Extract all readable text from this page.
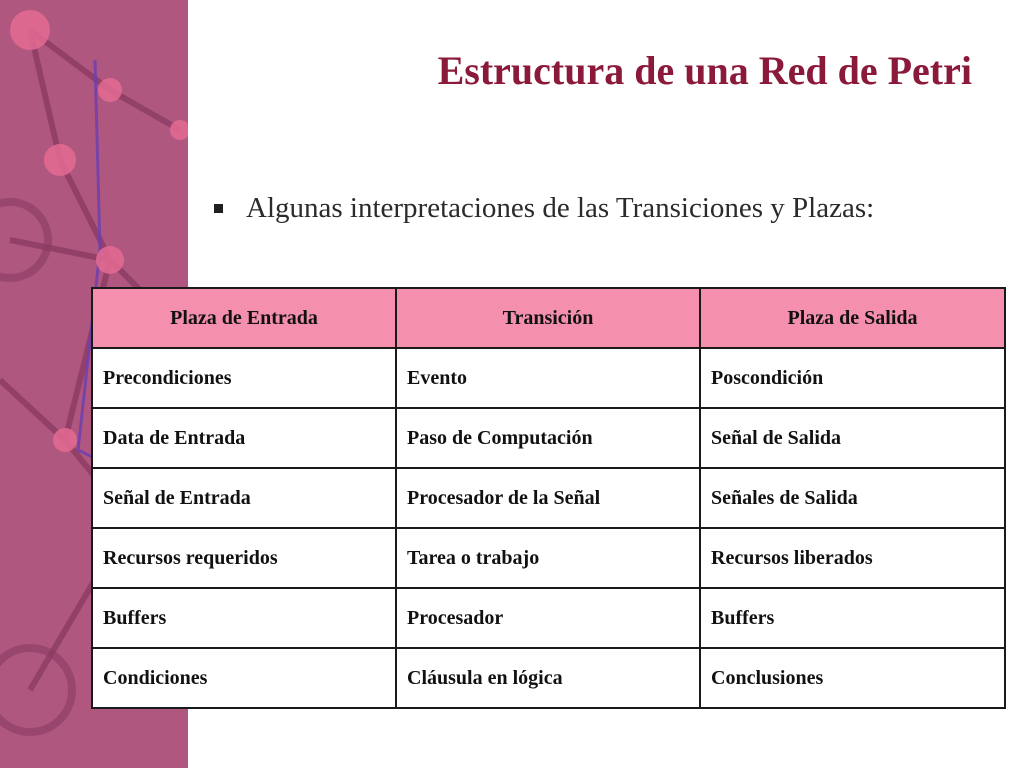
Estructura de una Red de Petri
Algunas interpretaciones de las Transiciones y Plazas:
Plaza de Entrada	Transición	Plaza de Salida
Precondiciones	Evento	Poscondición
Data de Entrada	Paso de Computación	Señal de Salida
Señal de Entrada	Procesador de la Señal	Señales de Salida
Recursos requeridos	Tarea o trabajo	Recursos liberados
Buffers	Procesador	Buffers
Condiciones	Cláusula en lógica	Conclusiones
